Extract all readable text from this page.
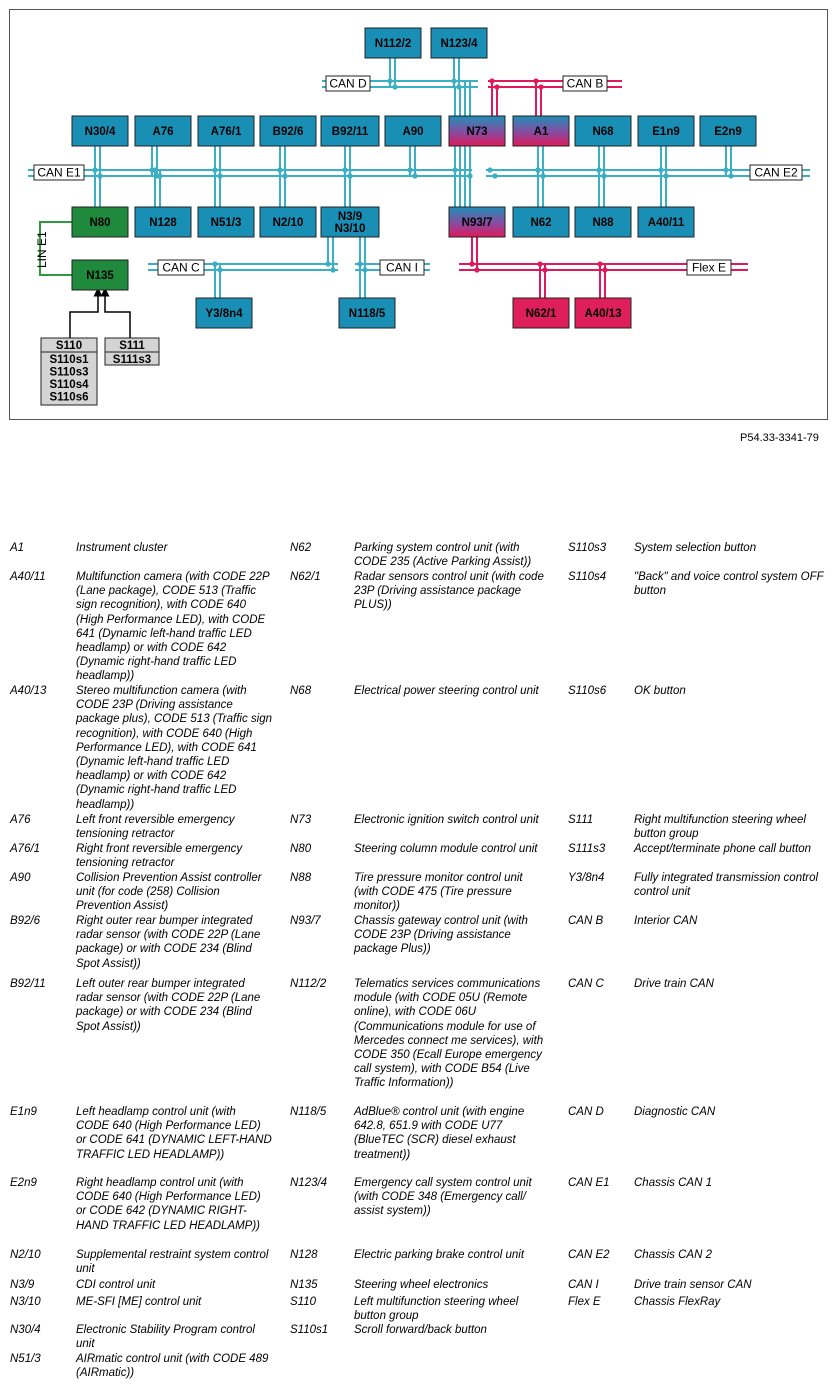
N112/2	N123/4
N30/4	A76	A76/1	B92/6 B92/11	A90	N73	A1	N68	E1n9	E2n9
N80	N128	N51/3	N2/10	N3/9
N3/10	N93/7	N62	N88	A40/11
N135
Y3/8n4	N118/5	N62/1 A40/13
S110
S110s1
S110s3
S110s4
S110s6
S111
S111s3
CAN D	CAN B
CAN E1	CAN E2
CAN C	CAN I	Flex E
LIN E1
P54.33-3341-79
A1	Instrument cluster
A40/11	Multifunction camera (with CODE 22P (Lane package), CODE 513 (Traffic sign recognition), with CODE 640 (High Performance LED), with CODE 641 (Dynamic left-hand traffic LED headlamp) or with CODE 642 (Dynamic right-hand traffic LED headlamp))
A40/13	Stereo multifunction camera (with CODE 23P (Driving assistance package plus), CODE 513 (Traffic sign recognition), with CODE 640 (High Performance LED), with CODE 641 (Dynamic left-hand traffic LED headlamp) or with CODE 642 (Dynamic right-hand traffic LED headlamp))
A76	Left front reversible emergency tensioning retractor
A76/1	Right front reversible emergency tensioning retractor
A90	Collision Prevention Assist controller unit (for code (258) Collision Prevention Assist)
B92/6	Right outer rear bumper integrated radar sensor (with CODE 22P (Lane package) or with CODE 234 (Blind Spot Assist))
B92/11	Left outer rear bumper integrated radar sensor (with CODE 22P (Lane package) or with CODE 234 (Blind Spot Assist))
E1n9	Left headlamp control unit (with CODE 640 (High Performance LED) or CODE 641 (DYNAMIC LEFT-HAND TRAFFIC LED HEADLAMP))
E2n9	Right headlamp control unit (with CODE 640 (High Performance LED) or CODE 642 (DYNAMIC RIGHT-HAND TRAFFIC LED HEADLAMP))
N2/10	Supplemental restraint system control unit
N3/9	CDI control unit
N3/10	ME-SFI [ME] control unit
N30/4	Electronic Stability Program control unit
N51/3	AIRmatic control unit (with CODE 489 (AIRmatic))
N62	Parking system control unit (with CODE 235 (Active Parking Assist))
N62/1	Radar sensors control unit (with code 23P (Driving assistance package PLUS))
N68	Electrical power steering control unit
N73	Electronic ignition switch control unit
N80	Steering column module control unit
N88	Tire pressure monitor control unit (with CODE 475 (Tire pressure monitor))
N93/7	Chassis gateway control unit (with CODE 23P (Driving assistance package Plus))
N112/2	Telematics services communications module (with CODE 05U (Remote online), with CODE 06U (Communications module for use of Mercedes connect me services), with CODE 350 (Ecall Europe emergency call system), with CODE B54 (Live Traffic Information))
N118/5	AdBlue® control unit (with engine 642.8, 651.9 with CODE U77 (BlueTEC (SCR) diesel exhaust treatment))
N123/4	Emergency call system control unit (with CODE 348 (Emergency call/ assist system))
N128	Electric parking brake control unit
N135	Steering wheel electronics
S110	Left multifunction steering wheel button group
S110s1	Scroll forward/back button
S110s3	System selection button
S110s4	"Back" and voice control system OFF button
S110s6	OK button
S111	Right multifunction steering wheel button group
S111s3	Accept/terminate phone call button
Y3/8n4	Fully integrated transmission control control unit
CAN B	Interior CAN
CAN C	Drive train CAN
CAN D	Diagnostic CAN
CAN E1	Chassis CAN 1
CAN E2	Chassis CAN 2
CAN I	Drive train sensor CAN
Flex E	Chassis FlexRay
